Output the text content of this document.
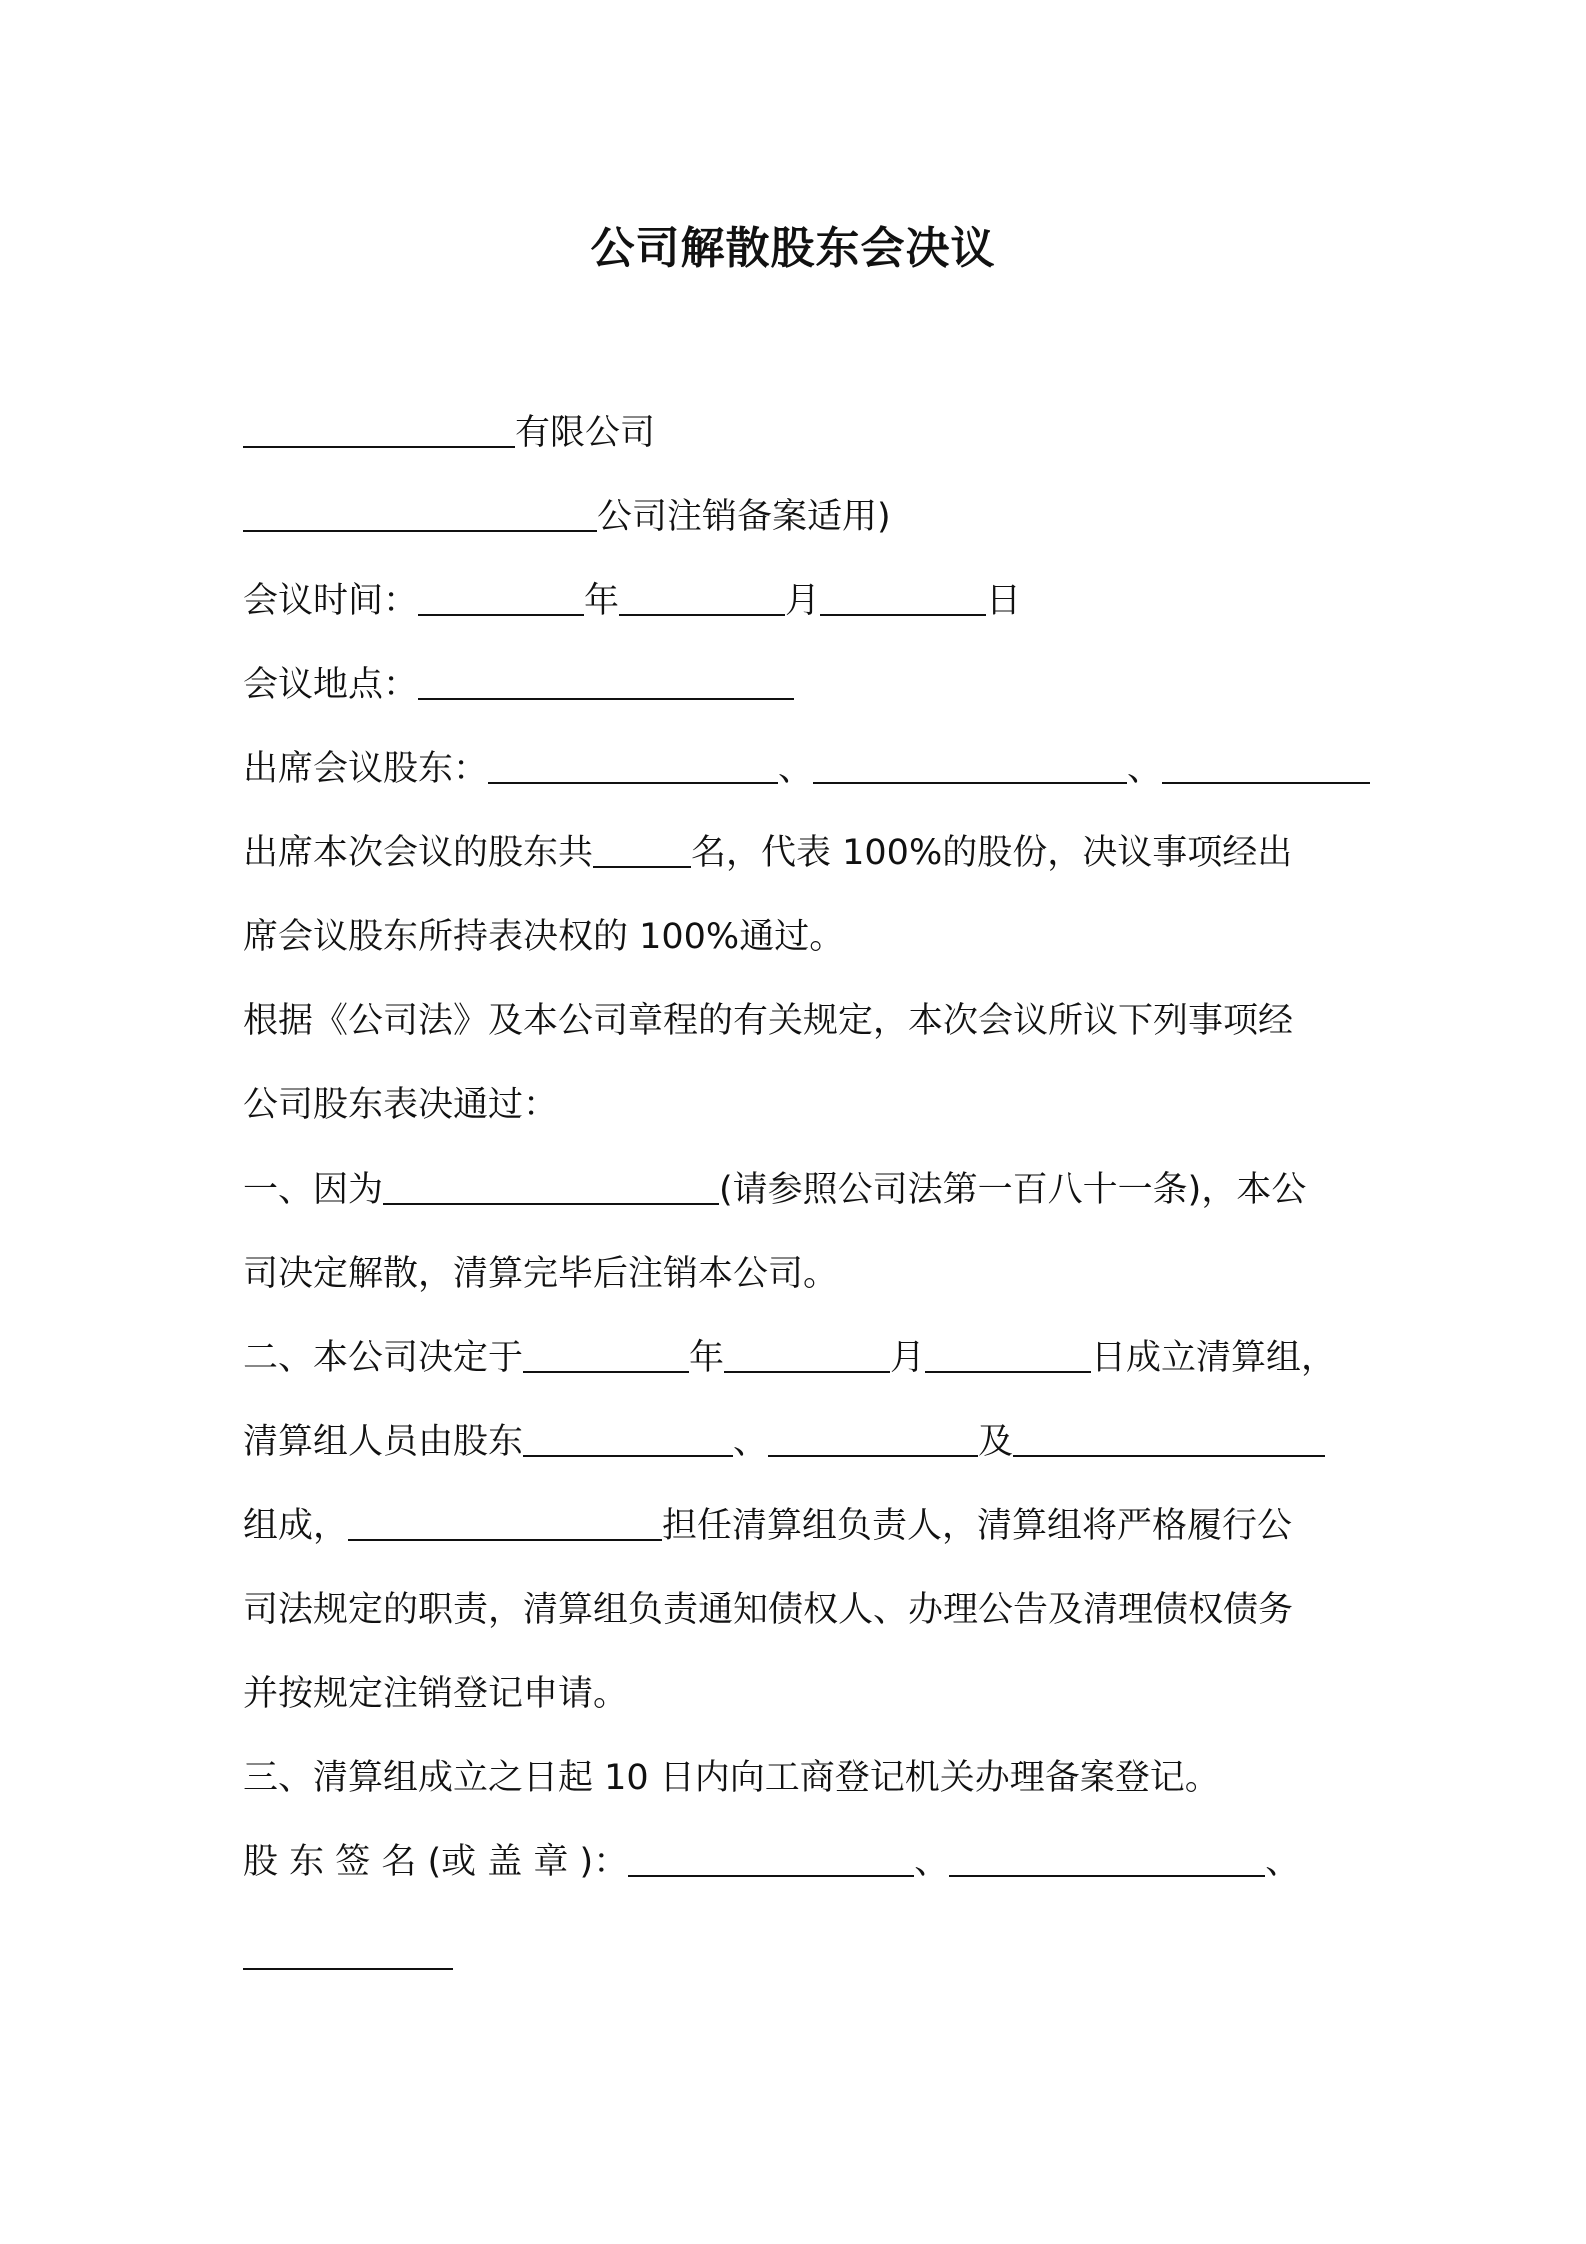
公司解散股东会决议
有限公司
公司注销备案适用)
会议时间：	年	月	日
会议地点：
出席会议股东：	、	、
出席本次会议的股东共	名，代表 100%的股份，决议事项经出
席会议股东所持表决权的 100%通过。
根据《公司法》及本公司章程的有关规定，本次会议所议下列事项经
公司股东表决通过：
一、因为	(请参照公司法第一百八十一条)，本公
司决定解散，清算完毕后注销本公司。
二、本公司决定于	年	月	日成立清算组，
清算组人员由股东	、	及
组成，	担任清算组负责人，清算组将严格履行公
司法规定的职责，清算组负责通知债权人、办理公告及清理债权债务
并按规定注销登记申请。
三、清算组成立之日起 10 日内向工商登记机关办理备案登记。
股 东 签 名 (或 盖 章 )：	、	、
